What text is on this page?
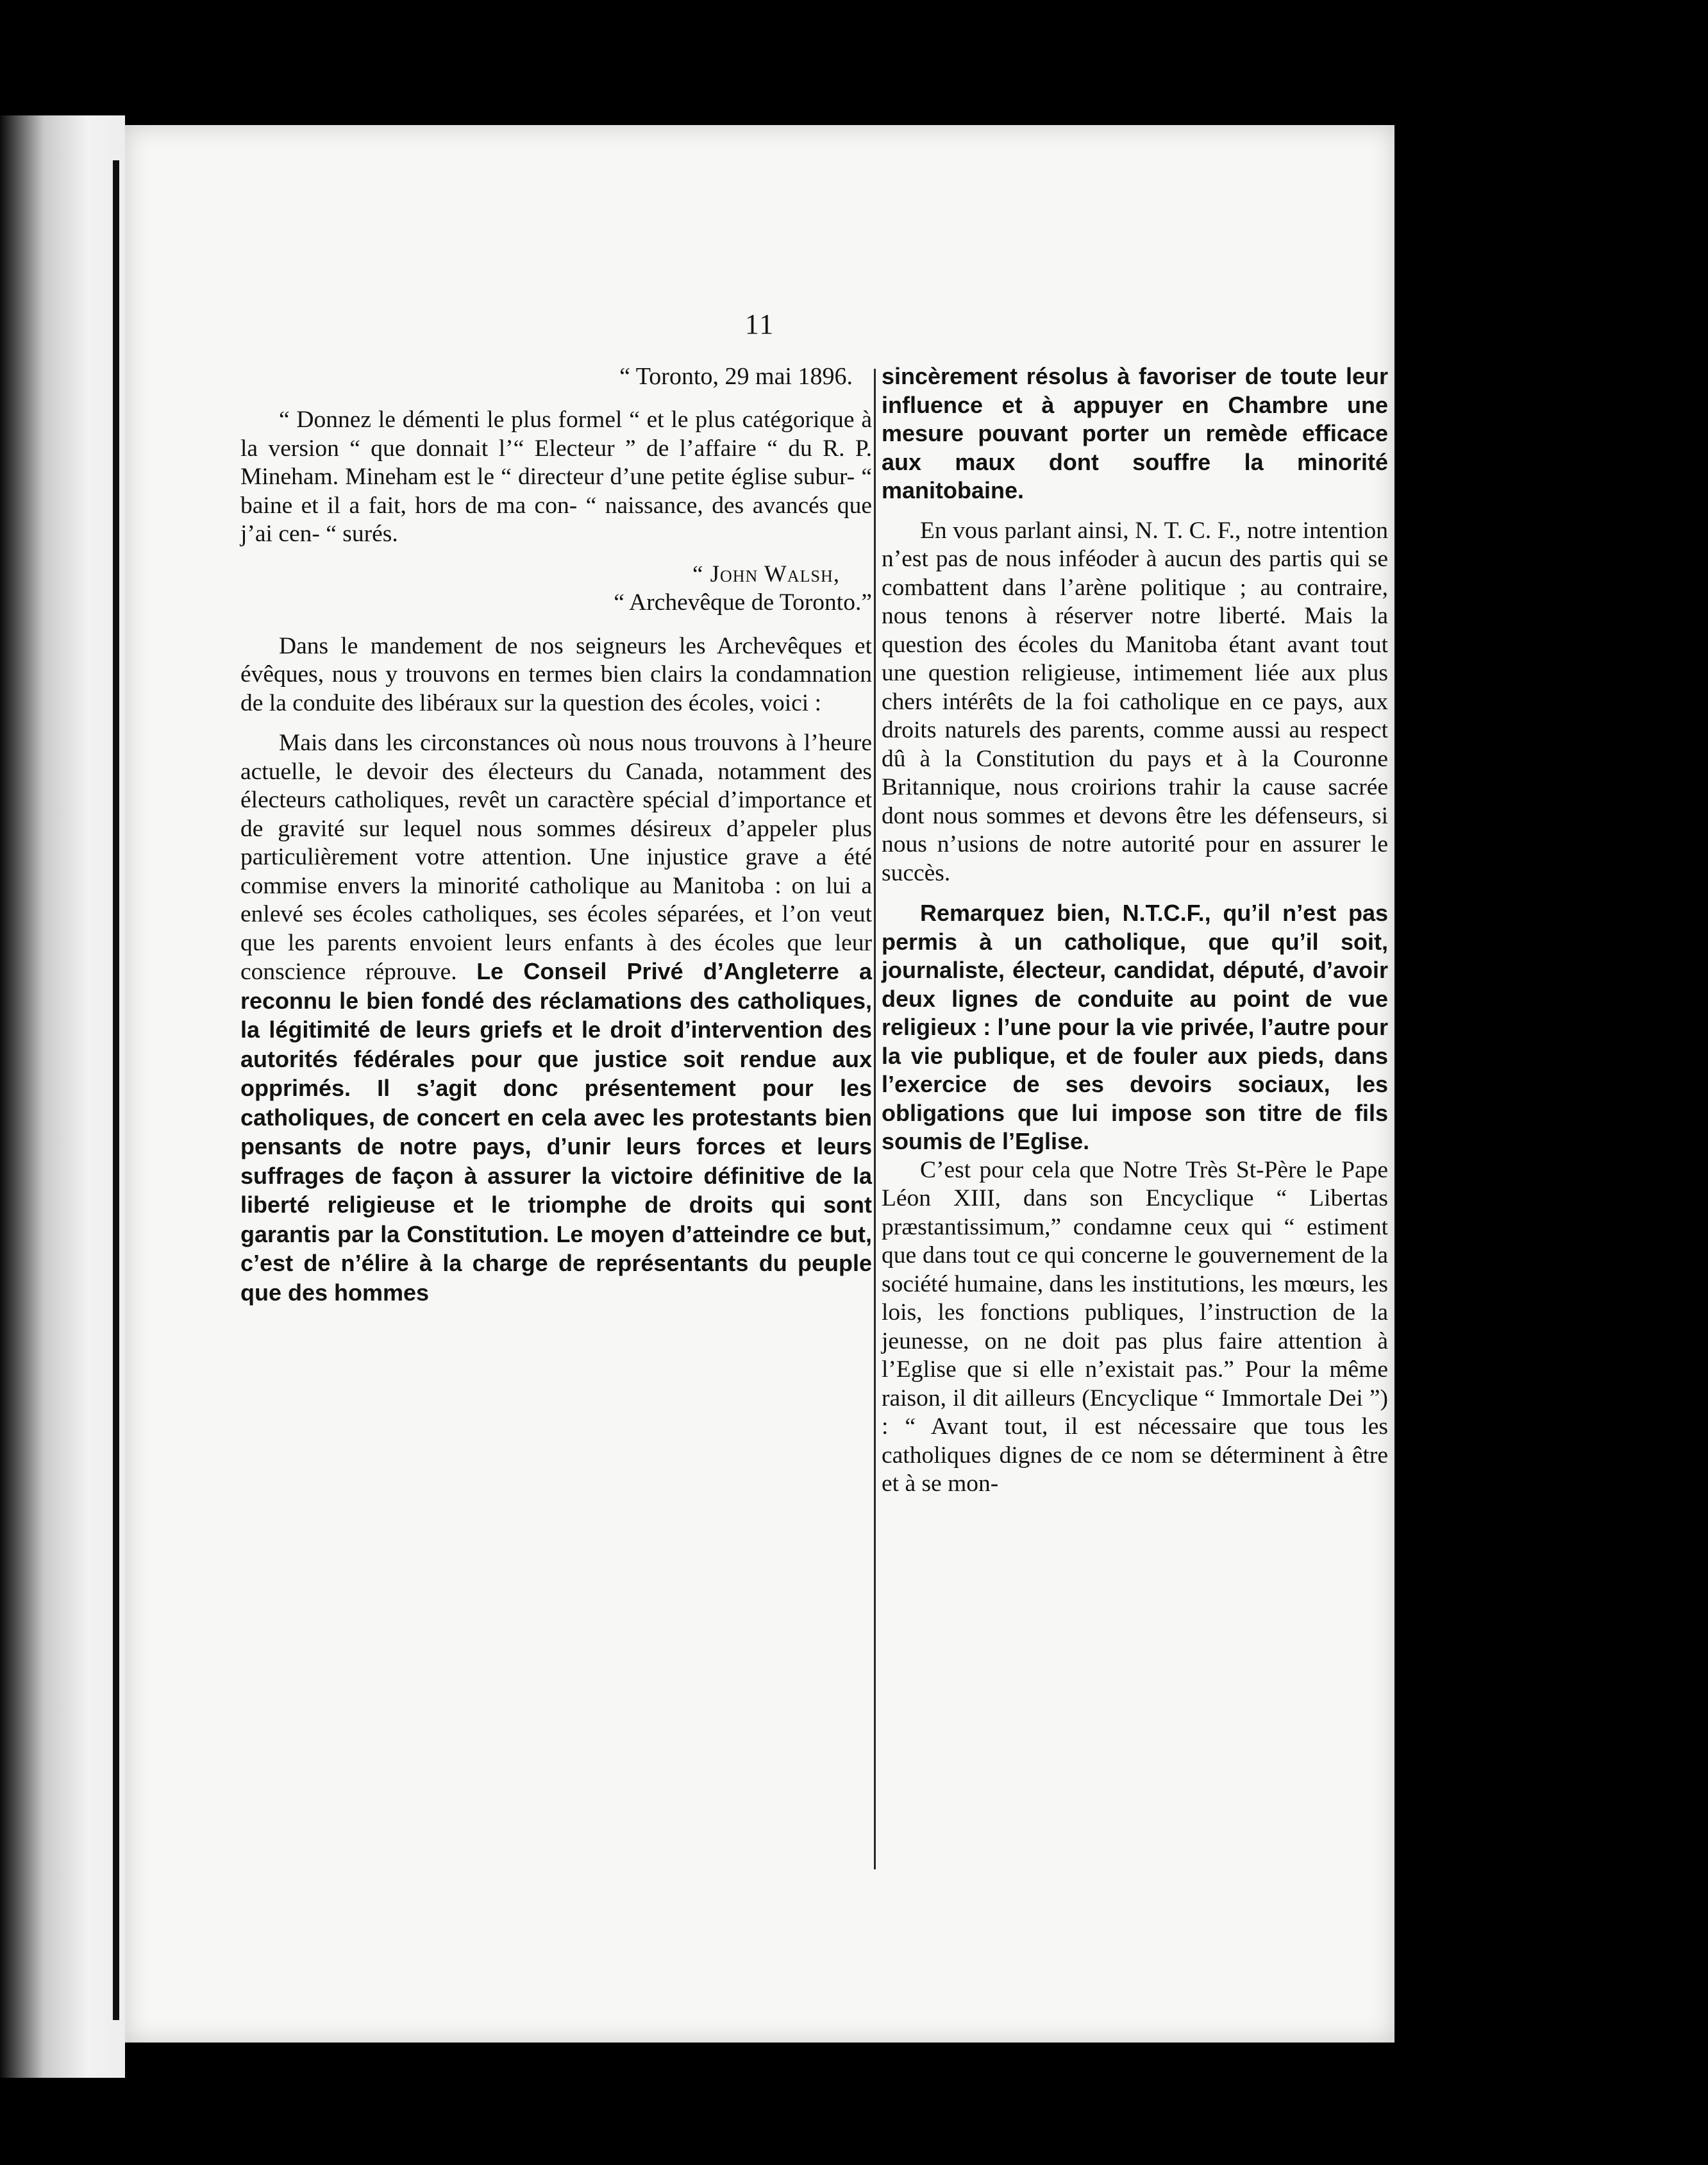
11

“ Toronto, 29 mai 1896.

“ Donnez le démenti le plus formel “ et le plus catégorique à la version “ que donnait l’“ Electeur ” de l’affaire “ du R. P. Mineham. Mineham est le “ directeur d’une petite église subur- “ baine et il a fait, hors de ma con- “ naissance, des avancés que j’ai cen- “ surés.

“ John Walsh,

“ Archevêque de Toronto.”

Dans le mandement de nos seigneurs les Archevêques et évêques, nous y trouvons en termes bien clairs la condamnation de la conduite des libéraux sur la question des écoles, voici :

Mais dans les circonstances où nous nous trouvons à l’heure actuelle, le devoir des électeurs du Canada, notamment des électeurs catholiques, revêt un caractère spécial d’importance et de gravité sur lequel nous sommes désireux d’appeler plus particulièrement votre attention. Une injustice grave a été commise envers la minorité catholique au Manitoba : on lui a enlevé ses écoles catholiques, ses écoles séparées, et l’on veut que les parents envoient leurs enfants à des écoles que leur conscience réprouve. Le Conseil Privé d’Angleterre a reconnu le bien fondé des réclamations des catholiques, la légitimité de leurs griefs et le droit d’intervention des autorités fédérales pour que justice soit rendue aux opprimés. Il s’agit donc présentement pour les catholiques, de concert en cela avec les protestants bien pensants de notre pays, d’unir leurs forces et leurs suffrages de façon à assurer la victoire définitive de la liberté religieuse et le triomphe de droits qui sont garantis par la Constitution. Le moyen d’atteindre ce but, c’est de n’élire à la charge de représentants du peuple que des hommes

sincèrement résolus à favoriser de toute leur influence et à appuyer en Chambre une mesure pouvant porter un remède efficace aux maux dont souffre la minorité manitobaine.

En vous parlant ainsi, N. T. C. F., notre intention n’est pas de nous inféoder à aucun des partis qui se combattent dans l’arène politique ; au contraire, nous tenons à réserver notre liberté. Mais la question des écoles du Manitoba étant avant tout une question religieuse, intimement liée aux plus chers intérêts de la foi catholique en ce pays, aux droits naturels des parents, comme aussi au respect dû à la Constitution du pays et à la Couronne Britannique, nous croirions trahir la cause sacrée dont nous sommes et devons être les défenseurs, si nous n’usions de notre autorité pour en assurer le succès.

Remarquez bien, N.T.C.F., qu’il n’est pas permis à un catholique, que qu’il soit, journaliste, électeur, candidat, député, d’avoir deux lignes de conduite au point de vue religieux : l’une pour la vie privée, l’autre pour la vie publique, et de fouler aux pieds, dans l’exercice de ses devoirs sociaux, les obligations que lui impose son titre de fils soumis de l’Eglise.

C’est pour cela que Notre Très St-Père le Pape Léon XIII, dans son Encyclique “ Libertas præstantissimum,” condamne ceux qui “ estiment que dans tout ce qui concerne le gouvernement de la société humaine, dans les institutions, les mœurs, les lois, les fonctions publiques, l’instruction de la jeunesse, on ne doit pas plus faire attention à l’Eglise que si elle n’existait pas.” Pour la même raison, il dit ailleurs (Encyclique “ Immortale Dei ”) : “ Avant tout, il est nécessaire que tous les catholiques dignes de ce nom se déterminent à être et à se mon-
